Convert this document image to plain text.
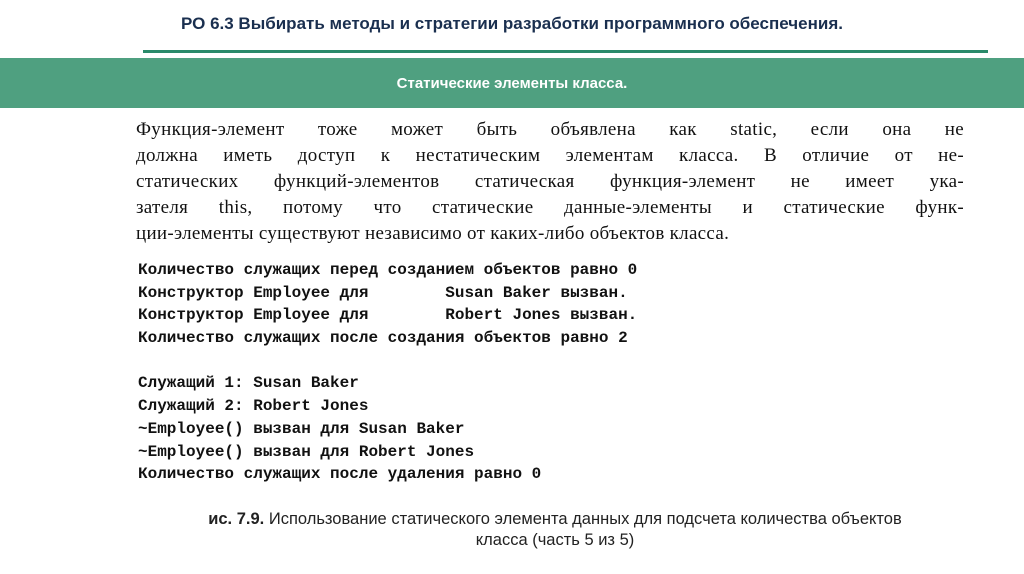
РО 6.3 Выбирать методы и стратегии разработки программного обеспечения.
Статические элементы класса.
Функция-элемент тоже может быть объявлена как static, если она не
должна иметь доступ к нестатическим элементам класса. В отличие от не-
статических функций-элементов статическая функция-элемент не имеет ука-
зателя this, потому что статические данные-элементы и статические функ-
ции-элементы существуют независимо от каких-либо объектов класса.
Количество служащих перед созданием объектов равно 0
Конструктор Employee для        Susan Baker вызван.
Конструктор Employee для        Robert Jones вызван.
Количество служащих после создания объектов равно 2
Служащий 1: Susan Baker
Служащий 2: Robert Jones
~Employee() вызван для Susan Baker
~Employee() вызван для Robert Jones
Количество служащих после удаления равно 0
ис. 7.9. Использование статического элемента данных для подсчета количества объектов
класса (часть 5 из 5)
